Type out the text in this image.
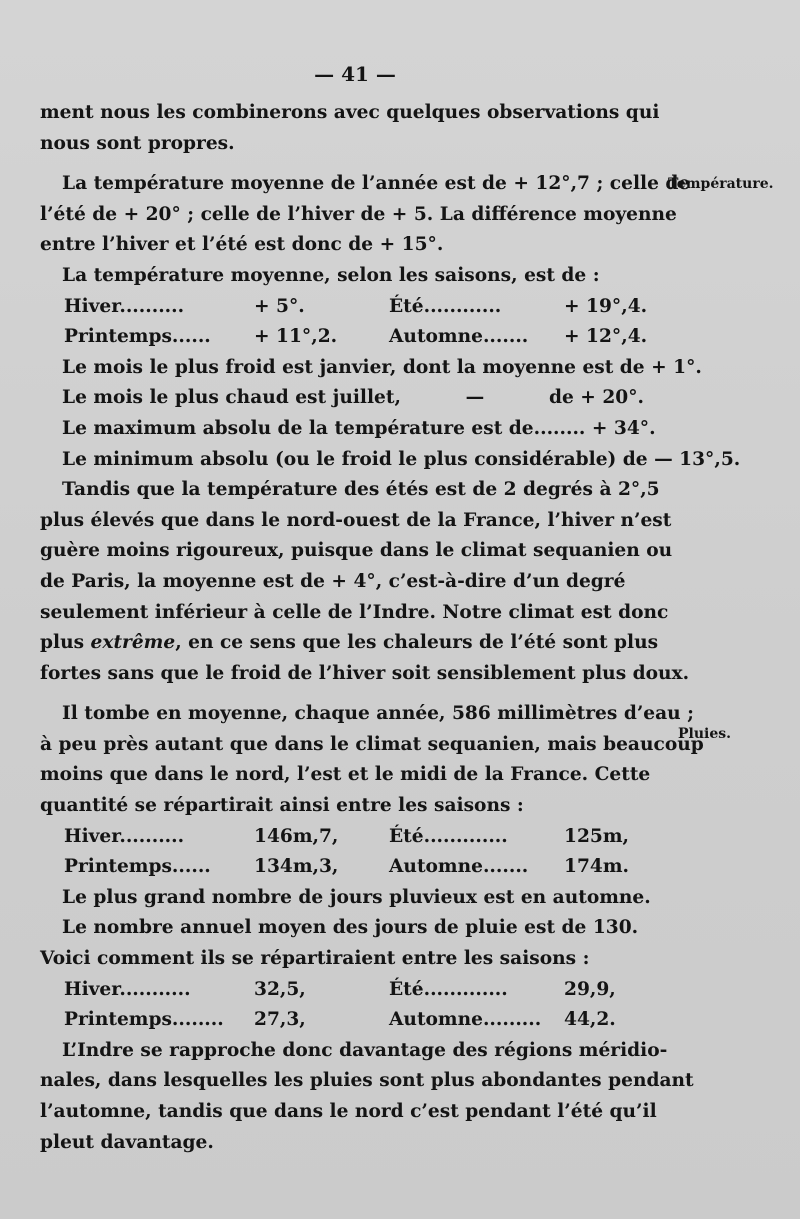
— 41 —
Température.
Pluies.
ment nous les combinerons avec quelques observations qui
nous sont propres.
La température moyenne de l’année est de + 12°,7 ; celle de
l’été de + 20° ; celle de l’hiver de + 5. La différence moyenne
entre l’hiver et l’été est donc de + 15°.
La température moyenne, selon les saisons, est de :
Hiver..........	+ 5°.	Été............	+ 19°,4.
Printemps......	+ 11°,2.	Automne.......	+ 12°,4.
Le mois le plus froid est janvier, dont la moyenne est de + 1°.
Le mois le plus chaud est juillet,          —          de + 20°.
Le maximum absolu de la température est de........ + 34°.
Le minimum absolu (ou le froid le plus considérable) de — 13°,5.
Tandis que la température des étés est de 2 degrés à 2°,5
plus élevés que dans le nord-ouest de la France, l’hiver n’est
guère moins rigoureux, puisque dans le climat sequanien ou
de Paris, la moyenne est de + 4°, c’est-à-dire d’un degré
seulement inférieur à celle de l’Indre. Notre climat est donc
plus extrême, en ce sens que les chaleurs de l’été sont plus
fortes sans que le froid de l’hiver soit sensiblement plus doux.
Il tombe en moyenne, chaque année, 586 millimètres d’eau ;
à peu près autant que dans le climat sequanien, mais beaucoup
moins que dans le nord, l’est et le midi de la France. Cette
quantité se répartirait ainsi entre les saisons :
Hiver..........	146m,7,	Été.............	125m,
Printemps......	134m,3,	Automne.......	174m.
Le plus grand nombre de jours pluvieux est en automne.
Le nombre annuel moyen des jours de pluie est de 130.
Voici comment ils se répartiraient entre les saisons :
Hiver...........	32,5,	Été.............	29,9,
Printemps........	27,3,	Automne.........	44,2.
L’Indre se rapproche donc davantage des régions méridio-
nales, dans lesquelles les pluies sont plus abondantes pendant
l’automne, tandis que dans le nord c’est pendant l’été qu’il
pleut davantage.
